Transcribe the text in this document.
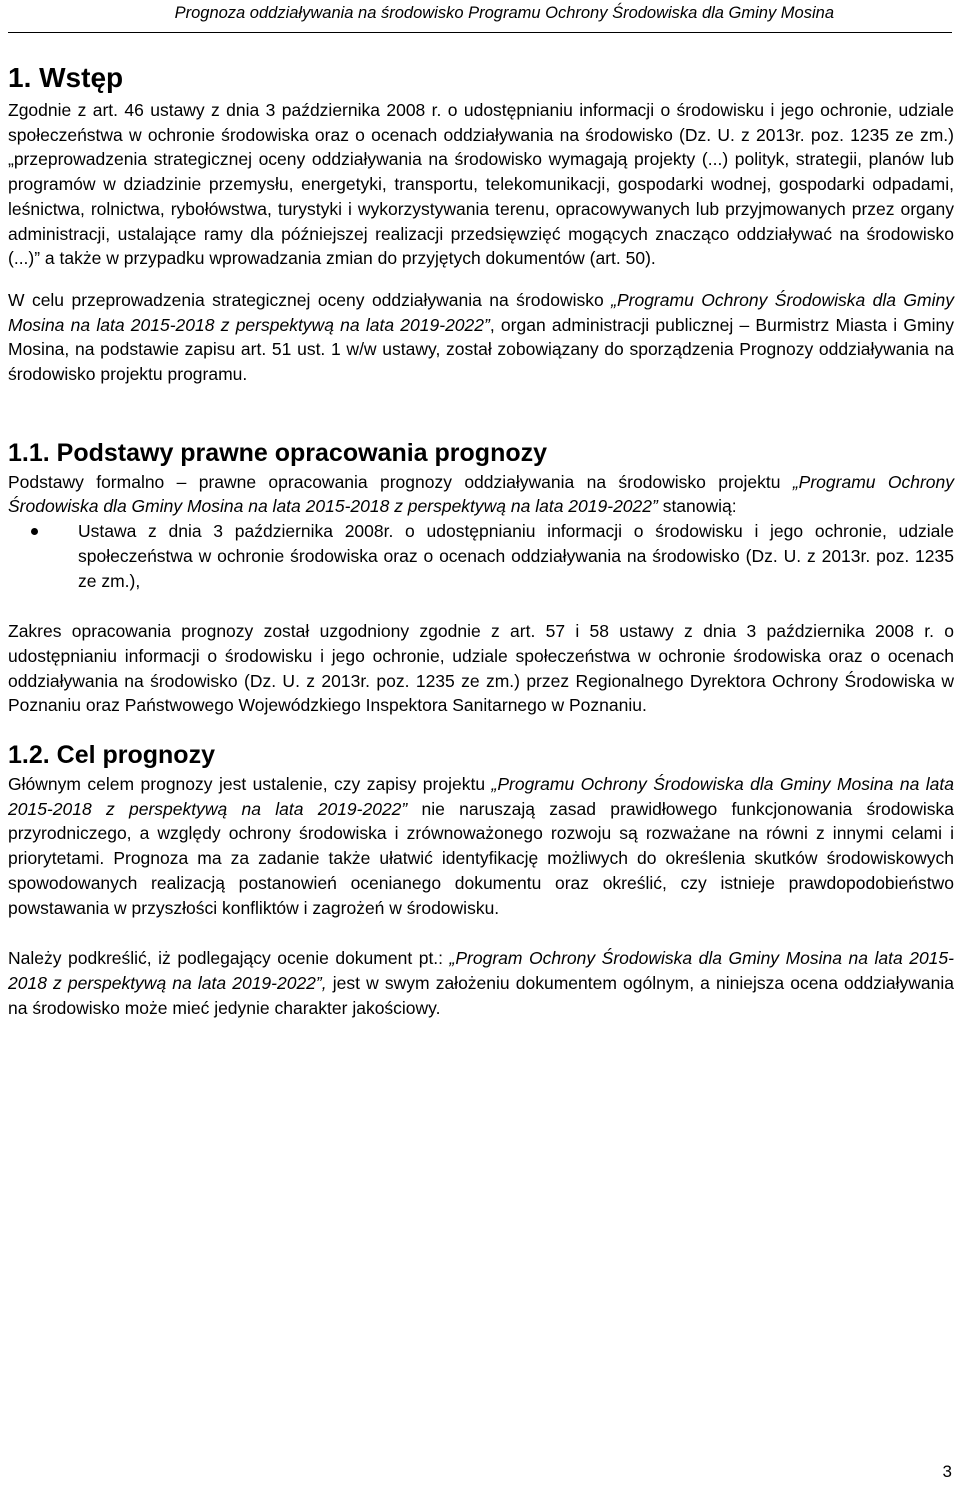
Prognoza oddziaływania na środowisko Programu Ochrony Środowiska dla Gminy Mosina
1. Wstęp

Zgodnie z art. 46 ustawy z dnia 3 października 2008 r. o udostępnianiu informacji o środowisku i jego ochronie, udziale społeczeństwa w ochronie środowiska oraz o ocenach oddziaływania na środowisko (Dz. U. z 2013r. poz. 1235 ze zm.) „przeprowadzenia strategicznej oceny oddziaływania na środowisko wymagają projekty (...) polityk, strategii, planów lub programów w dziadzinie przemysłu, energetyki, transportu, telekomunikacji, gospodarki wodnej, gospodarki odpadami, leśnictwa, rolnictwa, rybołówstwa, turystyki i wykorzystywania terenu, opracowywanych lub przyjmowanych przez organy administracji, ustalające ramy dla późniejszej realizacji przedsięwzięć mogących znacząco oddziaływać na środowisko (...)” a także w przypadku wprowadzania zmian do przyjętych dokumentów (art. 50).

W celu przeprowadzenia strategicznej oceny oddziaływania na środowisko „Programu Ochrony Środowiska dla Gminy Mosina na lata 2015-2018 z perspektywą na lata 2019-2022”, organ administracji publicznej – Burmistrz Miasta i Gminy Mosina, na podstawie zapisu art. 51 ust. 1 w/w ustawy, został zobowiązany do sporządzenia Prognozy oddziaływania na środowisko projektu programu.

1.1. Podstawy prawne opracowania prognozy

Podstawy formalno – prawne opracowania prognozy oddziaływania na środowisko projektu „Programu Ochrony Środowiska dla Gminy Mosina na lata 2015-2018 z perspektywą na lata 2019-2022” stanowią:

Ustawa z dnia 3 października 2008r. o udostępnianiu informacji o środowisku i jego ochronie, udziale społeczeństwa w ochronie środowiska oraz o ocenach oddziaływania na środowisko (Dz. U. z 2013r. poz. 1235 ze zm.),

Zakres opracowania prognozy został uzgodniony zgodnie z art. 57 i 58 ustawy z dnia 3 października 2008 r. o udostępnianiu informacji o środowisku i jego ochronie, udziale społeczeństwa w ochronie środowiska oraz o ocenach oddziaływania na środowisko (Dz. U. z 2013r. poz. 1235 ze zm.) przez Regionalnego Dyrektora Ochrony Środowiska w Poznaniu oraz Państwowego Wojewódzkiego Inspektora Sanitarnego w Poznaniu.

1.2. Cel prognozy

Głównym celem prognozy jest ustalenie, czy zapisy projektu „Programu Ochrony Środowiska dla Gminy Mosina na lata 2015-2018 z perspektywą na lata 2019-2022” nie naruszają zasad prawidłowego funkcjonowania środowiska przyrodniczego, a względy ochrony środowiska i zrównoważonego rozwoju są rozważane na równi z innymi celami i priorytetami. Prognoza ma za zadanie także ułatwić identyfikację możliwych do określenia skutków środowiskowych spowodowanych realizacją postanowień ocenianego dokumentu oraz określić, czy istnieje prawdopodobieństwo powstawania w przyszłości konfliktów i zagrożeń w środowisku.

Należy podkreślić, iż podlegający ocenie dokument pt.: „Program Ochrony Środowiska dla Gminy Mosina na lata 2015-2018 z perspektywą na lata 2019-2022”, jest w swym założeniu dokumentem ogólnym, a niniejsza ocena oddziaływania na środowisko może mieć jedynie charakter jakościowy.

3
